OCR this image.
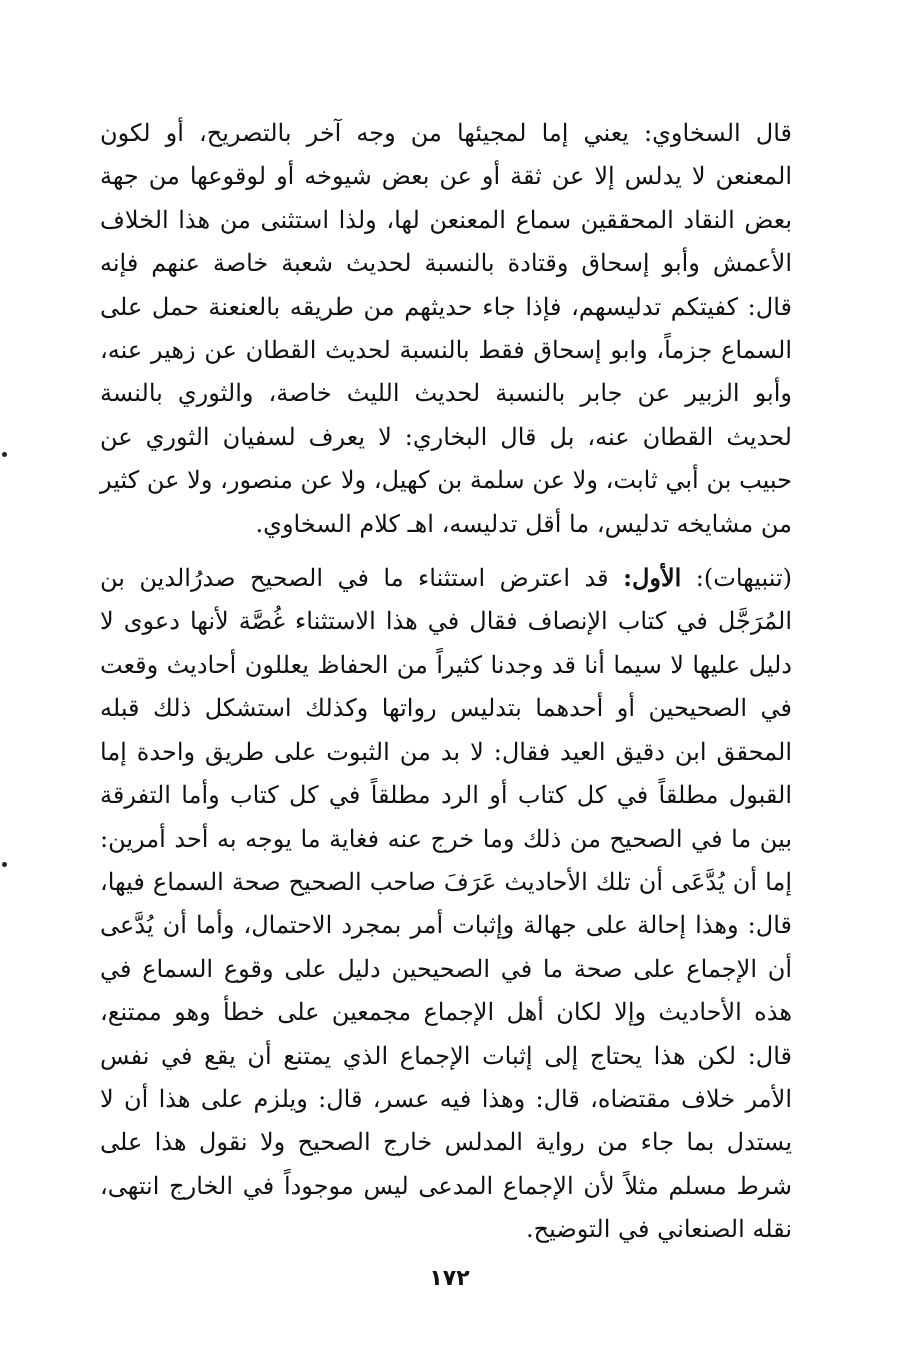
قال السخاوي: يعني إما لمجيئها من وجه آخر بالتصريح، أو لكون المعنعن لا يدلس إلا عن ثقة أو عن بعض شيوخه أو لوقوعها من جهة بعض النقاد المحققين سماع المعنعن لها، ولذا استثنى من هذا الخلاف الأعمش وأبو إسحاق وقتادة بالنسبة لحديث شعبة خاصة عنهم فإنه قال: كفيتكم تدليسهم، فإذا جاء حديثهم من طريقه بالعنعنة حمل على السماع جزماً، وابو إسحاق فقط بالنسبة لحديث القطان عن زهير عنه، وأبو الزبير عن جابر بالنسبة لحديث الليث خاصة، والثوري بالنسة لحديث القطان عنه، بل قال البخاري: لا يعرف لسفيان الثوري عن حبيب بن أبي ثابت، ولا عن سلمة بن كهيل، ولا عن منصور، ولا عن كثير من مشايخه تدليس، ما أقل تدليسه، اهـ كلام السخاوي.

(تنبيهات): الأول: قد اعترض استثناء ما في الصحيح صدرُالدين بن المُرَجَّل في كتاب الإنصاف فقال في هذا الاستثناء غُصَّة لأنها دعوى لا دليل عليها لا سيما أنا قد وجدنا كثيراً من الحفاظ يعللون أحاديث وقعت في الصحيحين أو أحدهما بتدليس رواتها وكذلك استشكل ذلك قبله المحقق ابن دقيق العيد فقال: لا بد من الثبوت على طريق واحدة إما القبول مطلقاً في كل كتاب أو الرد مطلقاً في كل كتاب وأما التفرقة بين ما في الصحيح من ذلك وما خرج عنه فغاية ما يوجه به أحد أمرين: إما أن يُدَّعَى أن تلك الأحاديث عَرَفَ صاحب الصحيح صحة السماع فيها، قال: وهذا إحالة على جهالة وإثبات أمر بمجرد الاحتمال، وأما أن يُدَّعى أن الإجماع على صحة ما في الصحيحين دليل على وقوع السماع في هذه الأحاديث وإلا لكان أهل الإجماع مجمعين على خطأ وهو ممتنع، قال: لكن هذا يحتاج إلى إثبات الإجماع الذي يمتنع أن يقع في نفس الأمر خلاف مقتضاه، قال: وهذا فيه عسر، قال: ويلزم على هذا أن لا يستدل بما جاء من رواية المدلس خارج الصحيح ولا نقول هذا على شرط مسلم مثلاً لأن الإجماع المدعى ليس موجوداً في الخارج انتهى، نقله الصنعاني في التوضيح.

١٧٢
